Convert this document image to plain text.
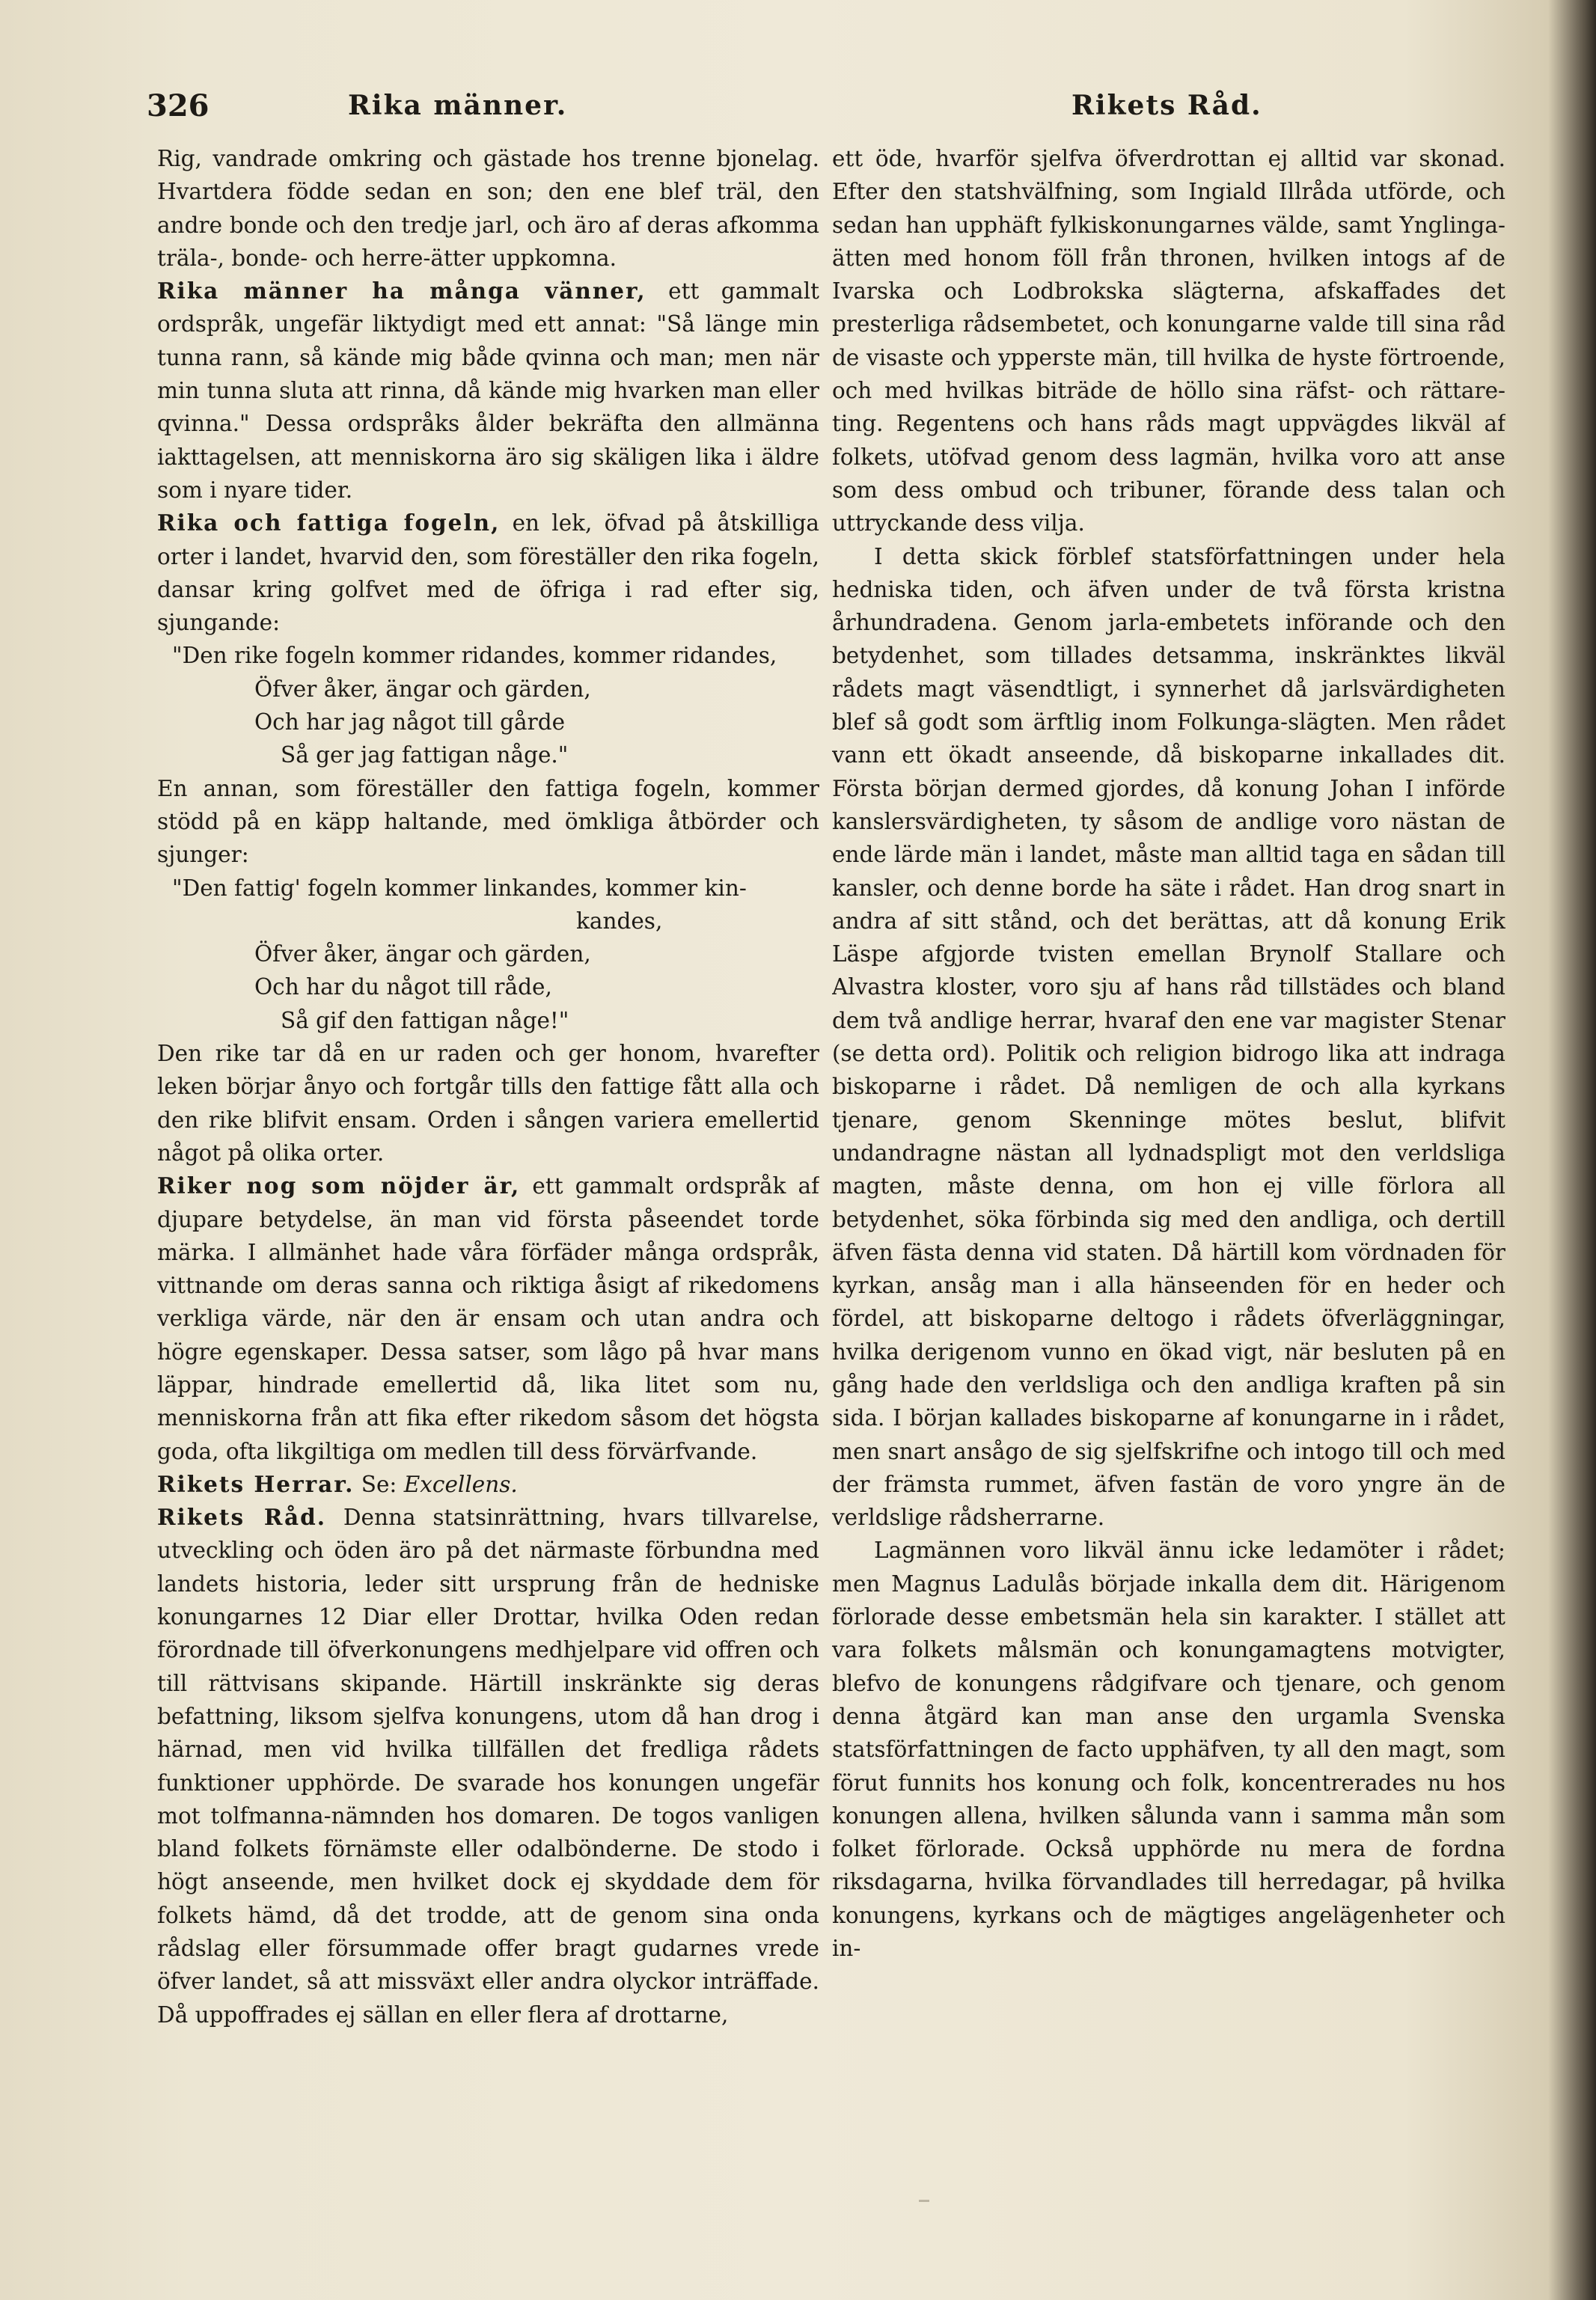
326	Rika männer.	Rikets Råd.

Rig, vandrade omkring och gästade hos trenne bjonelag. Hvartdera födde sedan en son; den ene blef träl, den andre bonde och den tredje jarl, och äro af deras afkomma träla-, bonde- och herre-ätter uppkomna.

Rika männer ha många vänner, ett gammalt ordspråk, ungefär liktydigt med ett annat: "Så länge min tunna rann, så kände mig både qvinna och man; men när min tunna sluta att rinna, då kände mig hvarken man eller qvinna." Dessa ordspråks ålder bekräfta den allmänna iakttagelsen, att menniskorna äro sig skäligen lika i äldre som i nyare tider.

Rika och fattiga fogeln, en lek, öfvad på åtskilliga orter i landet, hvarvid den, som föreställer den rika fogeln, dansar kring golfvet med de öfriga i rad efter sig, sjungande:

"Den rike fogeln kommer ridandes, kommer ridandes,
Öfver åker, ängar och gärden,
Och har jag något till gårde
Så ger jag fattigan någe."

En annan, som föreställer den fattiga fogeln, kommer stödd på en käpp haltande, med ömkliga åtbörder och sjunger:

"Den fattig' fogeln kommer linkandes, kommer kin-
kandes,
Öfver åker, ängar och gärden,
Och har du något till råde,
Så gif den fattigan någe!"

Den rike tar då en ur raden och ger honom, hvarefter leken börjar ånyo och fortgår tills den fattige fått alla och den rike blifvit ensam. Orden i sången variera emellertid något på olika orter.

Riker nog som nöjder är, ett gammalt ordspråk af djupare betydelse, än man vid första påseendet torde märka. I allmänhet hade våra förfäder många ordspråk, vittnande om deras sanna och riktiga åsigt af rikedomens verkliga värde, när den är ensam och utan andra och högre egenskaper. Dessa satser, som lågo på hvar mans läppar, hindrade emellertid då, lika litet som nu, menniskorna från att fika efter rikedom såsom det högsta goda, ofta likgiltiga om medlen till dess förvärfvande.

Rikets Herrar. Se: Excellens.

Rikets Råd. Denna statsinrättning, hvars tillvarelse, utveckling och öden äro på det närmaste förbundna med landets historia, leder sitt ursprung från de hedniske konungarnes 12 Diar eller Drottar, hvilka Oden redan förordnade till öfverkonungens medhjelpare vid offren och till rättvisans skipande. Härtill inskränkte sig deras befattning, liksom sjelfva konungens, utom då han drog i härnad, men vid hvilka tillfällen det fredliga rådets funktioner upphörde. De svarade hos konungen ungefär mot tolfmanna-nämnden hos domaren. De togos vanligen bland folkets förnämste eller odalbönderne. De stodo i högt anseende, men hvilket dock ej skyddade dem för folkets hämd, då det trodde, att de genom sina onda rådslag eller försummade offer bragt gudarnes vrede öfver landet, så att missväxt eller andra olyckor inträffade. Då uppoffrades ej sällan en eller flera af drottarne,

ett öde, hvarför sjelfva öfverdrottan ej alltid var skonad. Efter den statshvälfning, som Ingiald Illråda utförde, och sedan han upphäft fylkiskonungarnes välde, samt Ynglinga-ätten med honom föll från thronen, hvilken intogs af de Ivarska och Lodbrokska slägterna, afskaffades det presterliga rådsembetet, och konungarne valde till sina råd de visaste och ypperste män, till hvilka de hyste förtroende, och med hvilkas biträde de höllo sina räfst- och rättare-ting. Regentens och hans råds magt uppvägdes likväl af folkets, utöfvad genom dess lagmän, hvilka voro att anse som dess ombud och tribuner, förande dess talan och uttryckande dess vilja.

I detta skick förblef statsförfattningen under hela hedniska tiden, och äfven under de två första kristna århundradena. Genom jarla-embetets införande och den betydenhet, som tillades detsamma, inskränktes likväl rådets magt väsendtligt, i synnerhet då jarlsvärdigheten blef så godt som ärftlig inom Folkunga-slägten. Men rådet vann ett ökadt anseende, då biskoparne inkallades dit. Första början dermed gjordes, då konung Johan I införde kanslersvärdigheten, ty såsom de andlige voro nästan de ende lärde män i landet, måste man alltid taga en sådan till kansler, och denne borde ha säte i rådet. Han drog snart in andra af sitt stånd, och det berättas, att då konung Erik Läspe afgjorde tvisten emellan Brynolf Stallare och Alvastra kloster, voro sju af hans råd tillstädes och bland dem två andlige herrar, hvaraf den ene var magister Stenar (se detta ord). Politik och religion bidrogo lika att indraga biskoparne i rådet. Då nemligen de och alla kyrkans tjenare, genom Skenninge mötes beslut, blifvit undandragne nästan all lydnadspligt mot den verldsliga magten, måste denna, om hon ej ville förlora all betydenhet, söka förbinda sig med den andliga, och dertill äfven fästa denna vid staten. Då härtill kom vördnaden för kyrkan, ansåg man i alla hänseenden för en heder och fördel, att biskoparne deltogo i rådets öfverläggningar, hvilka derigenom vunno en ökad vigt, när besluten på en gång hade den verldsliga och den andliga kraften på sin sida. I början kallades biskoparne af konungarne in i rådet, men snart ansågo de sig sjelfskrifne och intogo till och med der främsta rummet, äfven fastän de voro yngre än de verldslige rådsherrarne.

Lagmännen voro likväl ännu icke ledamöter i rådet; men Magnus Ladulås började inkalla dem dit. Härigenom förlorade desse embetsmän hela sin karakter. I stället att vara folkets målsmän och konungamagtens motvigter, blefvo de konungens rådgifvare och tjenare, och genom denna åtgärd kan man anse den urgamla Svenska statsförfattningen de facto upphäfven, ty all den magt, som förut funnits hos konung och folk, koncentrerades nu hos konungen allena, hvilken sålunda vann i samma mån som folket förlorade. Också upphörde nu mera de fordna riksdagarna, hvilka förvandlades till herredagar, på hvilka konungens, kyrkans och de mägtiges angelägenheter och in-
